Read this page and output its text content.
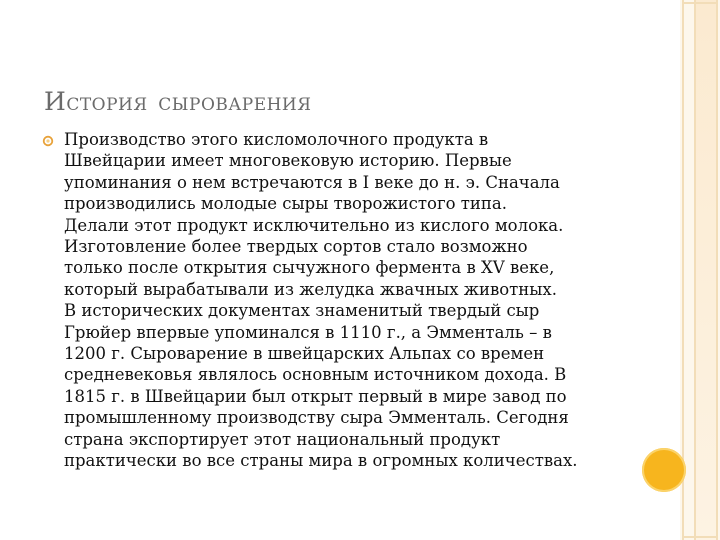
ИСТОРИЯ СЫРОВАРЕНИЯ
Производство этого кисломолочного продукта в
Швейцарии имеет многовековую историю. Первые
упоминания о нем встречаются в I веке до н. э. Сначала
производились молодые сыры творожистого типа.
Делали этот продукт исключительно из кислого молока.
Изготовление более твердых сортов стало возможно
только после открытия сычужного фермента в XV веке,
который вырабатывали из желудка жвачных животных.
В исторических документах знаменитый твердый сыр
Грюйер впервые упоминался в 1110 г., а Эмменталь – в
1200 г. Сыроварение в швейцарских Альпах со времен
средневековья являлось основным источником дохода. В
1815 г. в Швейцарии был открыт первый в мире завод по
промышленному производству сыра Эмменталь. Сегодня
страна экспортирует этот национальный продукт
практически во все страны мира в огромных количествах.
